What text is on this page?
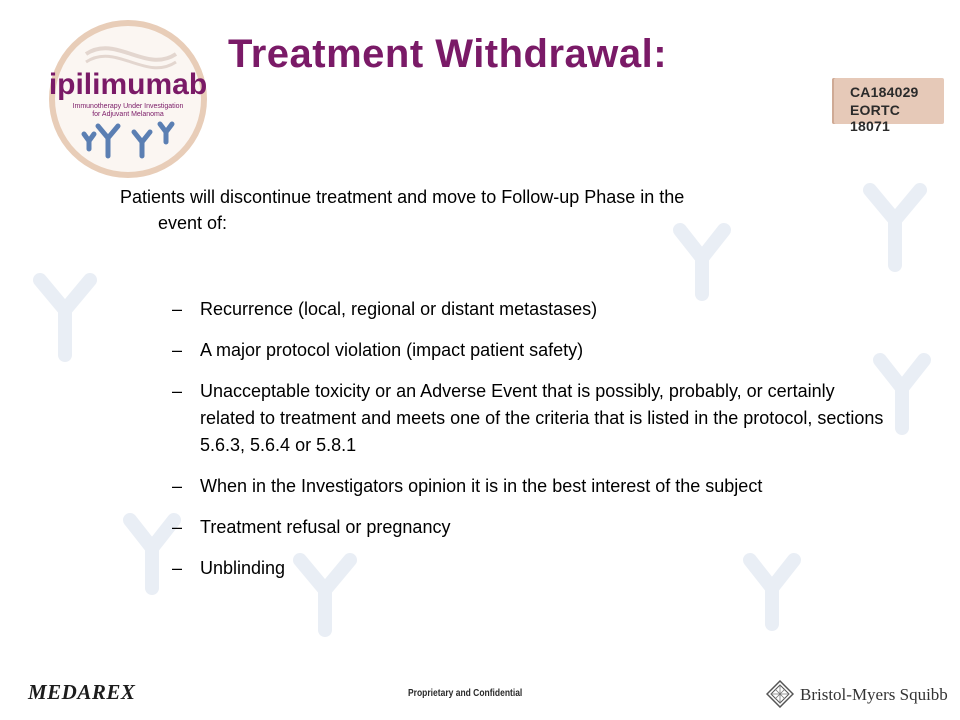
ipilimumab
Immunotherapy Under Investigation
for Adjuvant Melanoma
Treatment Withdrawal:
CA184029
EORTC 18071
Patients will discontinue treatment and move to Follow-up Phase in the
event of:
– Recurrence (local, regional or distant metastases)
– A major protocol violation (impact patient safety)
– Unacceptable toxicity or an Adverse Event that is possibly, probably, or certainly related to treatment and meets one of the criteria that is listed in the protocol, sections 5.6.3, 5.6.4 or 5.8.1
– When in the Investigators opinion it is in the best interest of the subject
– Treatment refusal or pregnancy
– Unblinding
MEDAREX	Proprietary and Confidential	Bristol-Myers Squibb
